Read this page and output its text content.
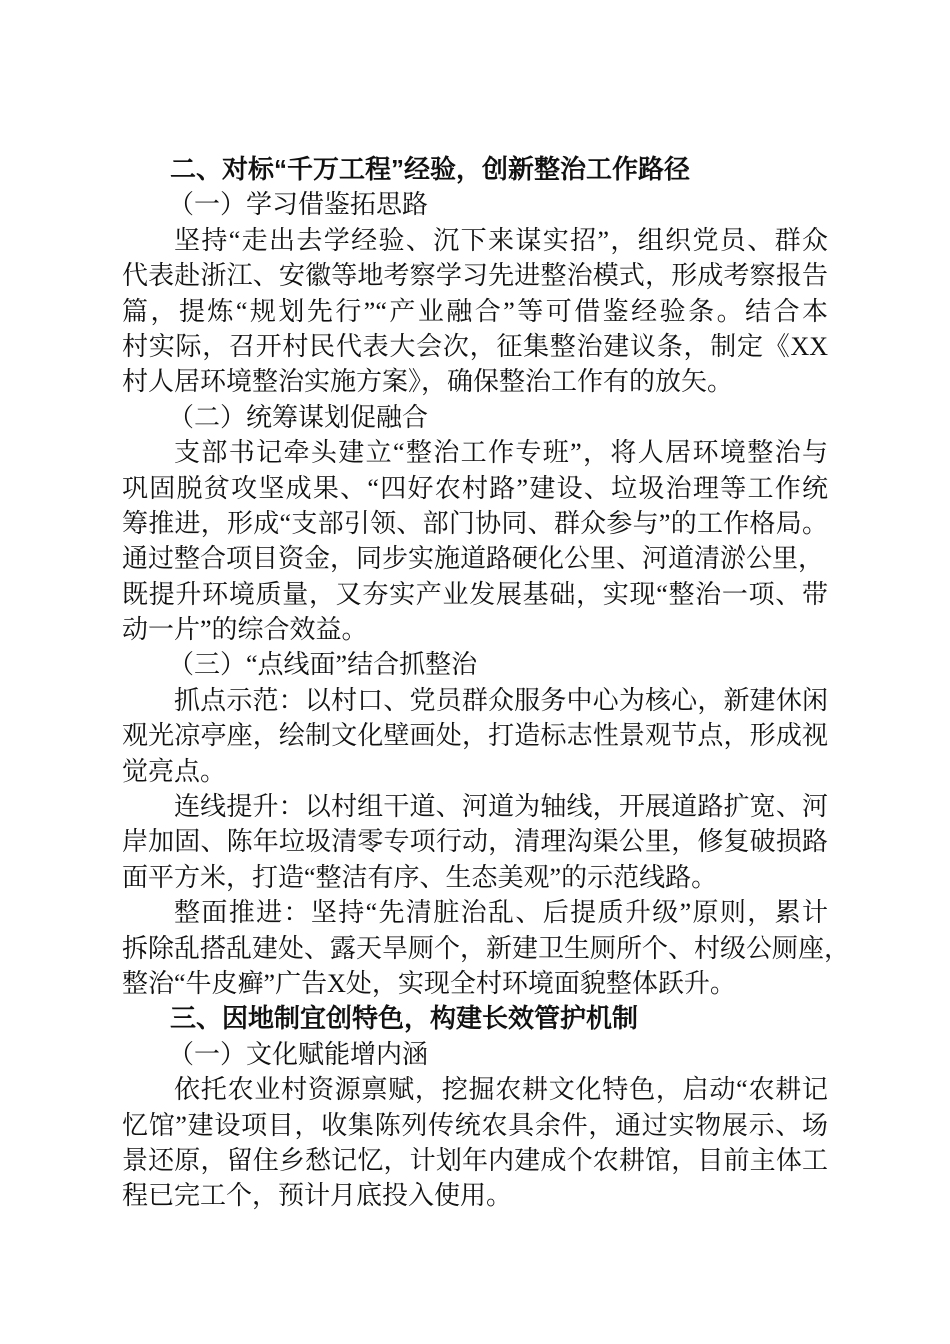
二、对标“千万工程”经验，创新整治工作路径
（一）学习借鉴拓思路
坚持“走出去学经验、沉下来谋实招”，组织党员、群众
代表赴浙江、安徽等地考察学习先进整治模式，形成考察报告
篇，提炼“规划先行”“产业融合”等可借鉴经验条。结合本
村实际，召开村民代表大会次，征集整治建议条，制定《XX
村人居环境整治实施方案》，确保整治工作有的放矢。
（二）统筹谋划促融合
支部书记牵头建立“整治工作专班”，将人居环境整治与
巩固脱贫攻坚成果、“四好农村路”建设、垃圾治理等工作统
筹推进，形成“支部引领、部门协同、群众参与”的工作格局。
通过整合项目资金，同步实施道路硬化公里、河道清淤公里，
既提升环境质量，又夯实产业发展基础，实现“整治一项、带
动一片”的综合效益。
（三）“点线面”结合抓整治
抓点示范：以村口、党员群众服务中心为核心，新建休闲
观光凉亭座，绘制文化壁画处，打造标志性景观节点，形成视
觉亮点。
连线提升：以村组干道、河道为轴线，开展道路扩宽、河
岸加固、陈年垃圾清零专项行动，清理沟渠公里，修复破损路
面平方米，打造“整洁有序、生态美观”的示范线路。
整面推进：坚持“先清脏治乱、后提质升级”原则，累计
拆除乱搭乱建处、露天旱厕个，新建卫生厕所个、村级公厕座，
整治“牛皮癣”广告X处，实现全村环境面貌整体跃升。
三、因地制宜创特色，构建长效管护机制
（一）文化赋能增内涵
依托农业村资源禀赋，挖掘农耕文化特色，启动“农耕记
忆馆”建设项目，收集陈列传统农具余件，通过实物展示、场
景还原，留住乡愁记忆，计划年内建成个农耕馆，目前主体工
程已完工个，预计月底投入使用。
